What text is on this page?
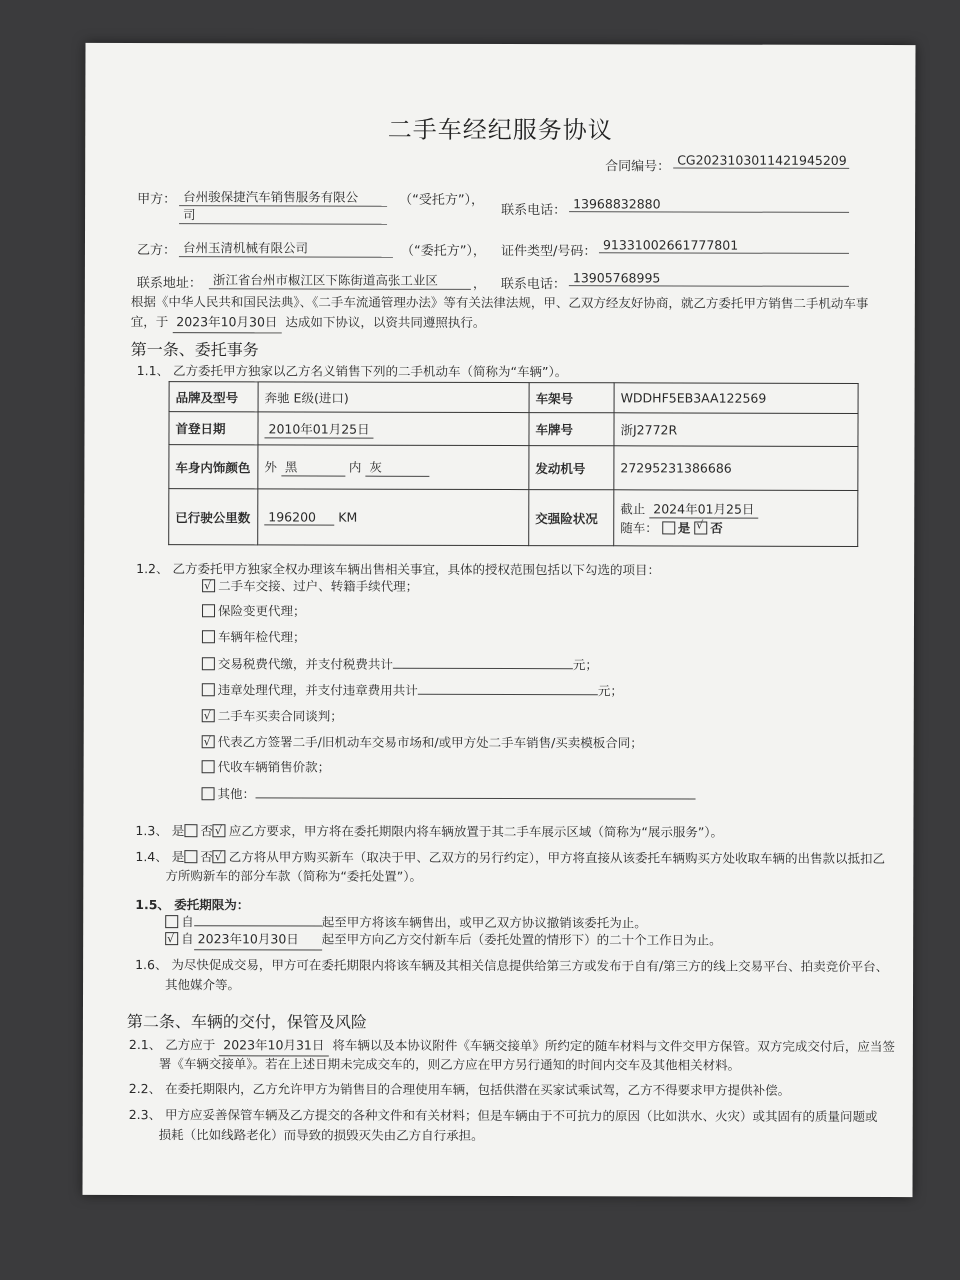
二手车经纪服务协议
合同编号： CG2023103011421945209
甲方： 台州骏保捷汽车销售服务有限公
司
（“受托方”），
联系电话： 13968832880
乙方： 台州玉清机械有限公司	（“委托方”）， 证件类型/号码： 91331002661777801
联系地址： 浙江省台州市椒江区下陈街道高张工业区	， 联系电话： 13905768995
根据《中华人民共和国民法典》、《二手车流通管理办法》等有关法律法规，甲、乙双方经友好协商，就乙方委托甲方销售二手机动车事
宜，于 2023年10月30日 达成如下协议，以资共同遵照执行。
第一条、委托事务
1.1、 乙方委托甲方独家以乙方名义销售下列的二手机动车（简称为“车辆”）。
品牌及型号	奔驰 E级(进口)	车架号	WDDHF5EB3AA122569
首登日期	2010年01月25日	车牌号	浙J2772R
车身内饰颜色	外 黑 内 灰	发动机号	27295231386686
已行驶公里数	196200 KM	交强险状况	截止 2024年01月25日
随车： 是 √ 否
1.2、 乙方委托甲方独家全权办理该车辆出售相关事宜，具体的授权范围包括以下勾选的项目：
√二手车交接、过户、转籍手续代理；
保险变更代理；
车辆年检代理；
交易税费代缴，并支付税费共计	元；
违章处理代理，并支付违章费用共计	元；
√二手车买卖合同谈判；
√代表乙方签署二手/旧机动车交易市场和/或甲方处二手车销售/买卖模板合同；
代收车辆销售价款；
其他：
1.3、 是 否 √ 应乙方要求，甲方将在委托期限内将车辆放置于其二手车展示区域（简称为“展示服务”）。
1.4、 是 否 √ 乙方将从甲方购买新车（取决于甲、乙双方的另行约定），甲方将直接从该委托车辆购买方处收取车辆的出售款以抵扣乙
方所购新车的部分车款（简称为“委托处置”）。
1.5、 委托期限为：
自	起至甲方将该车辆售出，或甲乙双方协议撤销该委托为止。
√自 2023年10月30日 起至甲方向乙方交付新车后（委托处置的情形下）的二十个工作日为止。
1.6、 为尽快促成交易，甲方可在委托期限内将该车辆及其相关信息提供给第三方或发布于自有/第三方的线上交易平台、拍卖竞价平台、
其他媒介等。
第二条、车辆的交付，保管及风险
2.1、 乙方应于 2023年10月31日 将车辆以及本协议附件《车辆交接单》所约定的随车材料与文件交甲方保管。双方完成交付后，应当签
署《车辆交接单》。若在上述日期未完成交车的，则乙方应在甲方另行通知的时间内交车及其他相关材料。
2.2、 在委托期限内，乙方允许甲方为销售目的合理使用车辆，包括供潜在买家试乘试驾，乙方不得要求甲方提供补偿。
2.3、 甲方应妥善保管车辆及乙方提交的各种文件和有关材料；但是车辆由于不可抗力的原因（比如洪水、火灾）或其固有的质量问题或
损耗（比如线路老化）而导致的损毁灭失由乙方自行承担。
